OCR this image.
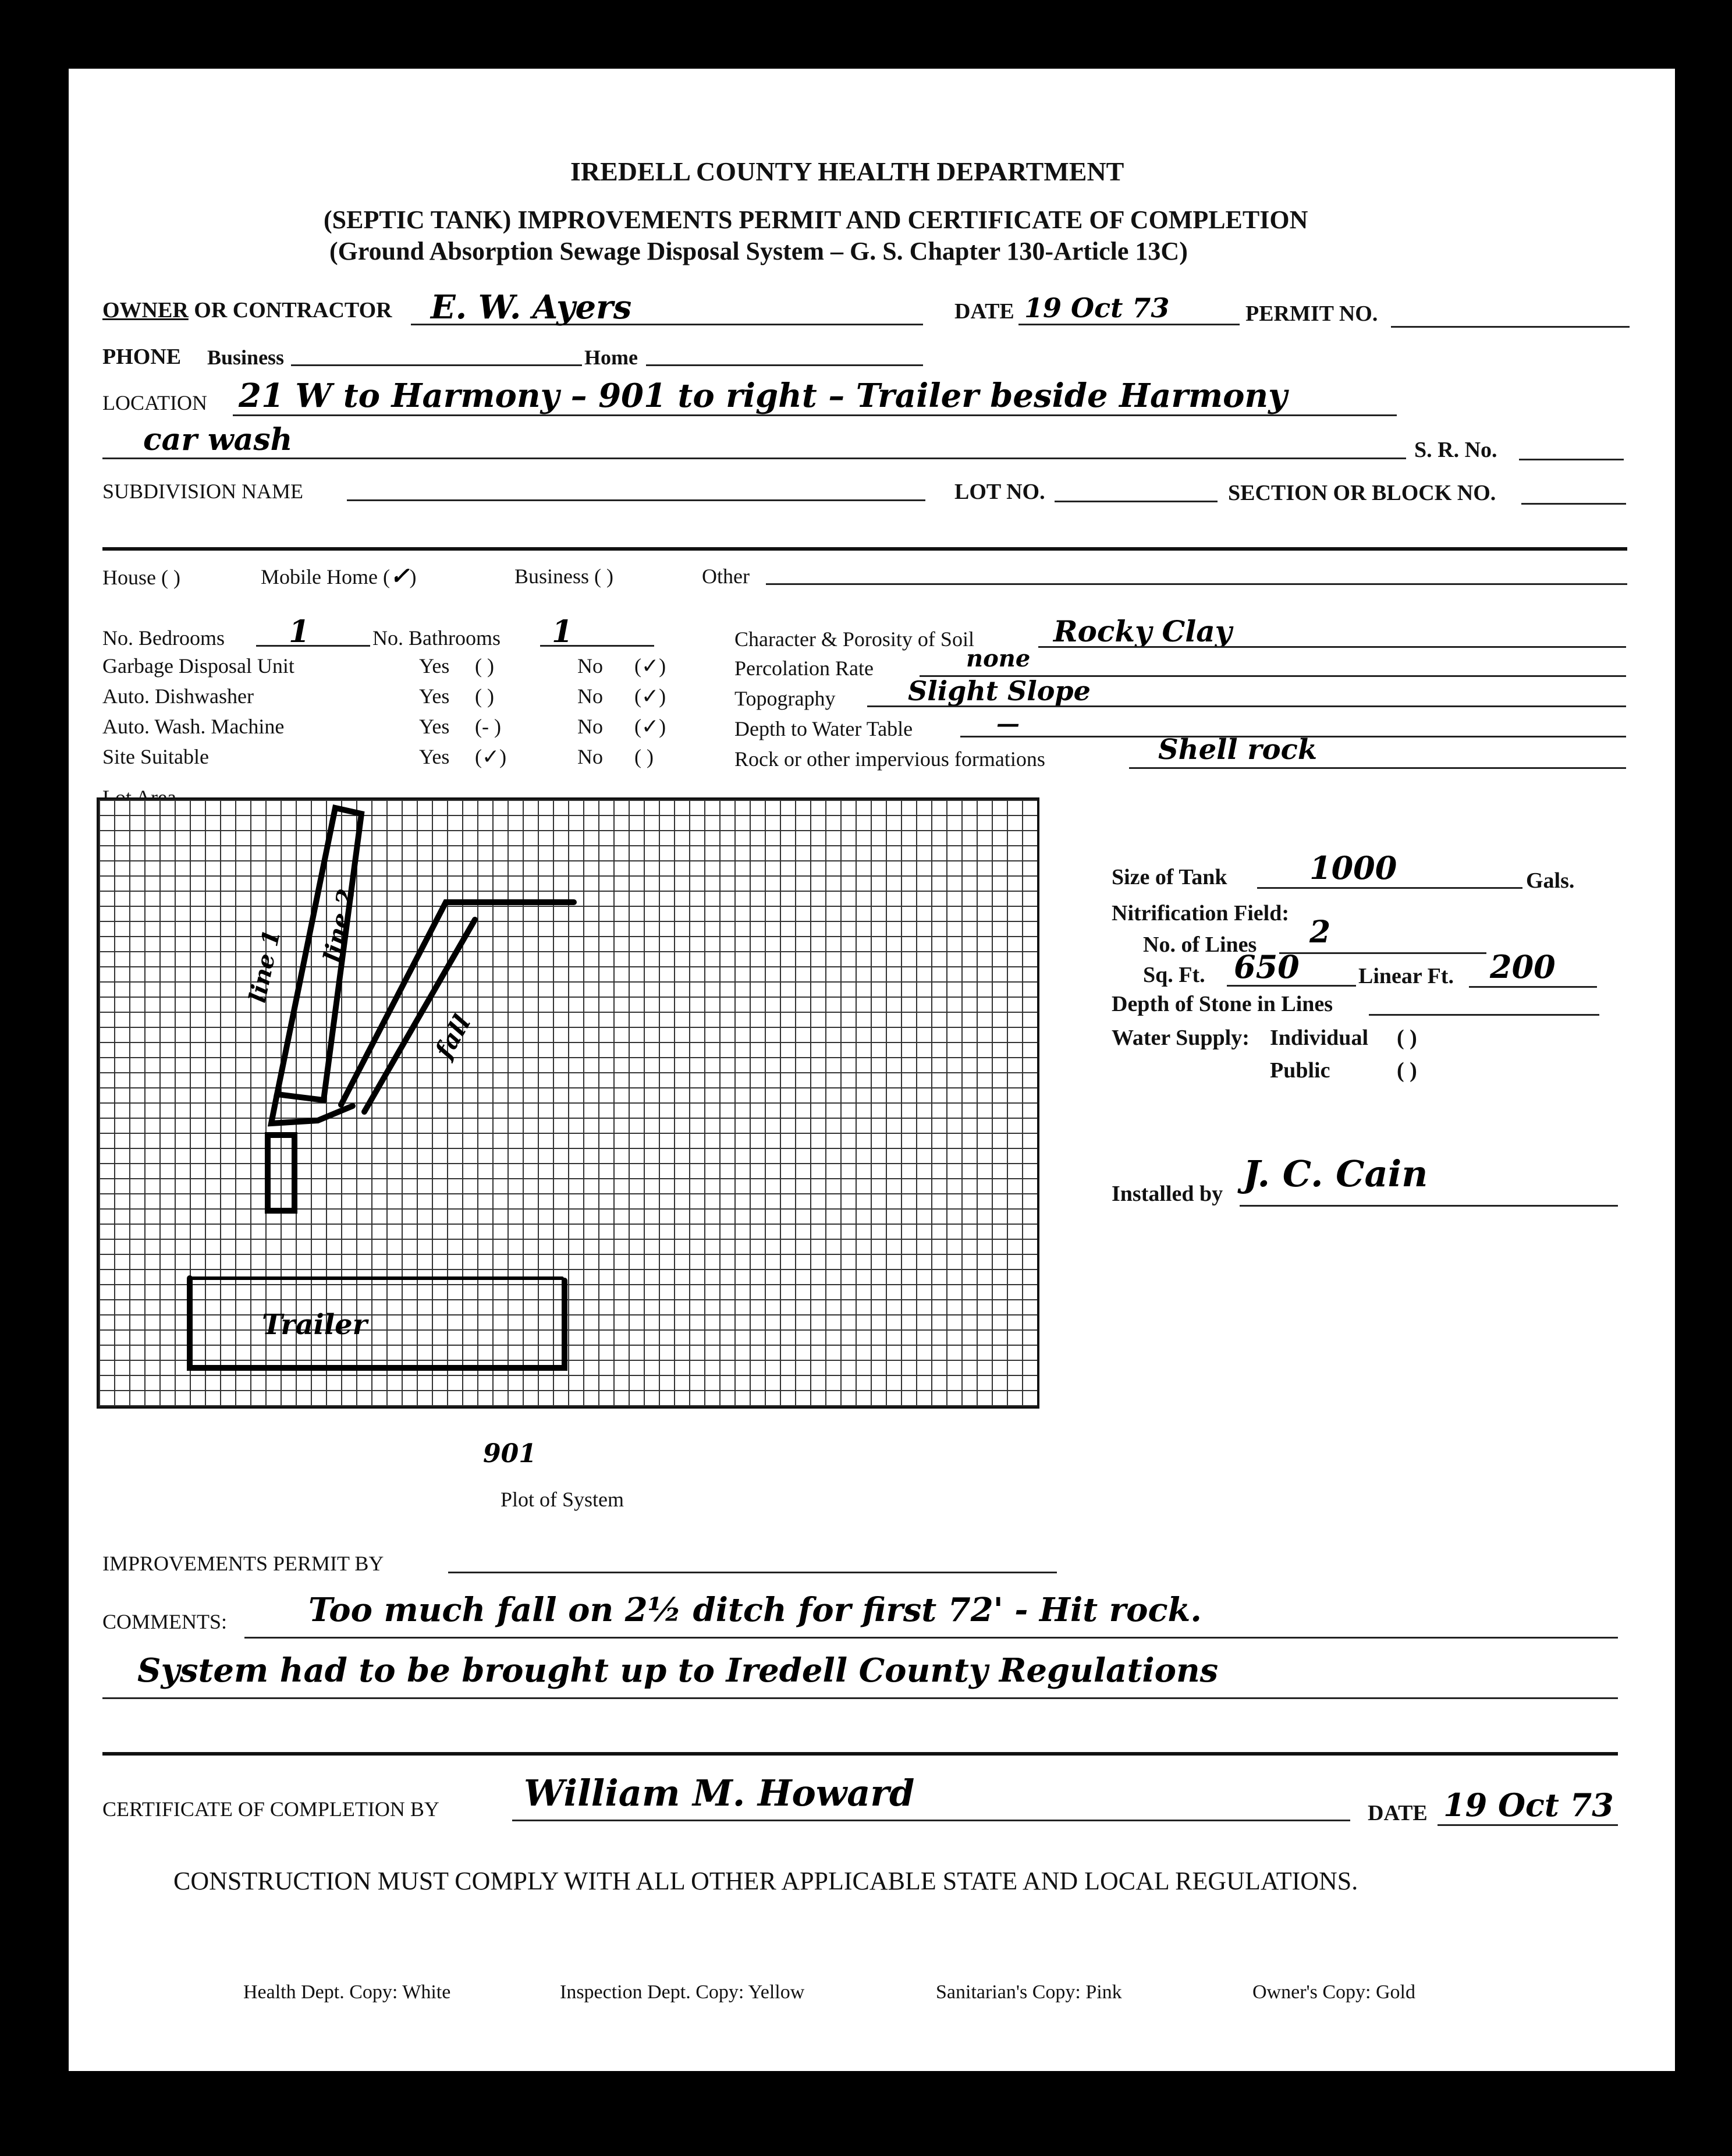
IREDELL COUNTY HEALTH DEPARTMENT
(SEPTIC TANK) IMPROVEMENTS PERMIT AND CERTIFICATE OF COMPLETION
(Ground Absorption Sewage Disposal System – G. S. Chapter 130-Article 13C)
OWNER OR CONTRACTOR E. W. Ayers	DATE 19 Oct 73	PERMIT NO.
PHONE Business	Home
LOCATION 21 W to Harmony – 901 to right – Trailer beside Harmony
car wash	S. R. No.
SUBDIVISION NAME	LOT NO.	SECTION OR BLOCK NO.
House ( )	Mobile Home (✓)	Business ( )	Other
No. Bedrooms 1	No. Bathrooms 1
Garbage Disposal Unit	Yes ( )	No (✓)
Auto. Dishwasher	Yes ( )	No (✓)
Auto. Wash. Machine	Yes (- )	No (✓)
Site Suitable	Yes (✓)	No ( )
Character & Porosity of Soil	Rocky Clay
Percolation Rate	none
Topography	Slight Slope
Depth to Water Table	—
Rock or other impervious formations	Shell rock
line 1
line 2
fall
Trailer
901
Plot of System
Size of Tank	1000	Gals.
Nitrification Field:
No. of Lines 2
Sq. Ft. 650	Linear Ft. 200
Depth of Stone in Lines
Water Supply: Individual ( )
Public	( )
Installed by J. C. Cain
IMPROVEMENTS PERMIT BY
COMMENTS: Too much fall on 2½ ditch for first 72' - Hit rock.
System had to be brought up to Iredell County Regulations
CERTIFICATE OF COMPLETION BY William M. Howard	DATE 19 Oct 73
CONSTRUCTION MUST COMPLY WITH ALL OTHER APPLICABLE STATE AND LOCAL REGULATIONS.
Health Dept. Copy: White	Inspection Dept. Copy: Yellow	Sanitarian's Copy: Pink	Owner's Copy: Gold
